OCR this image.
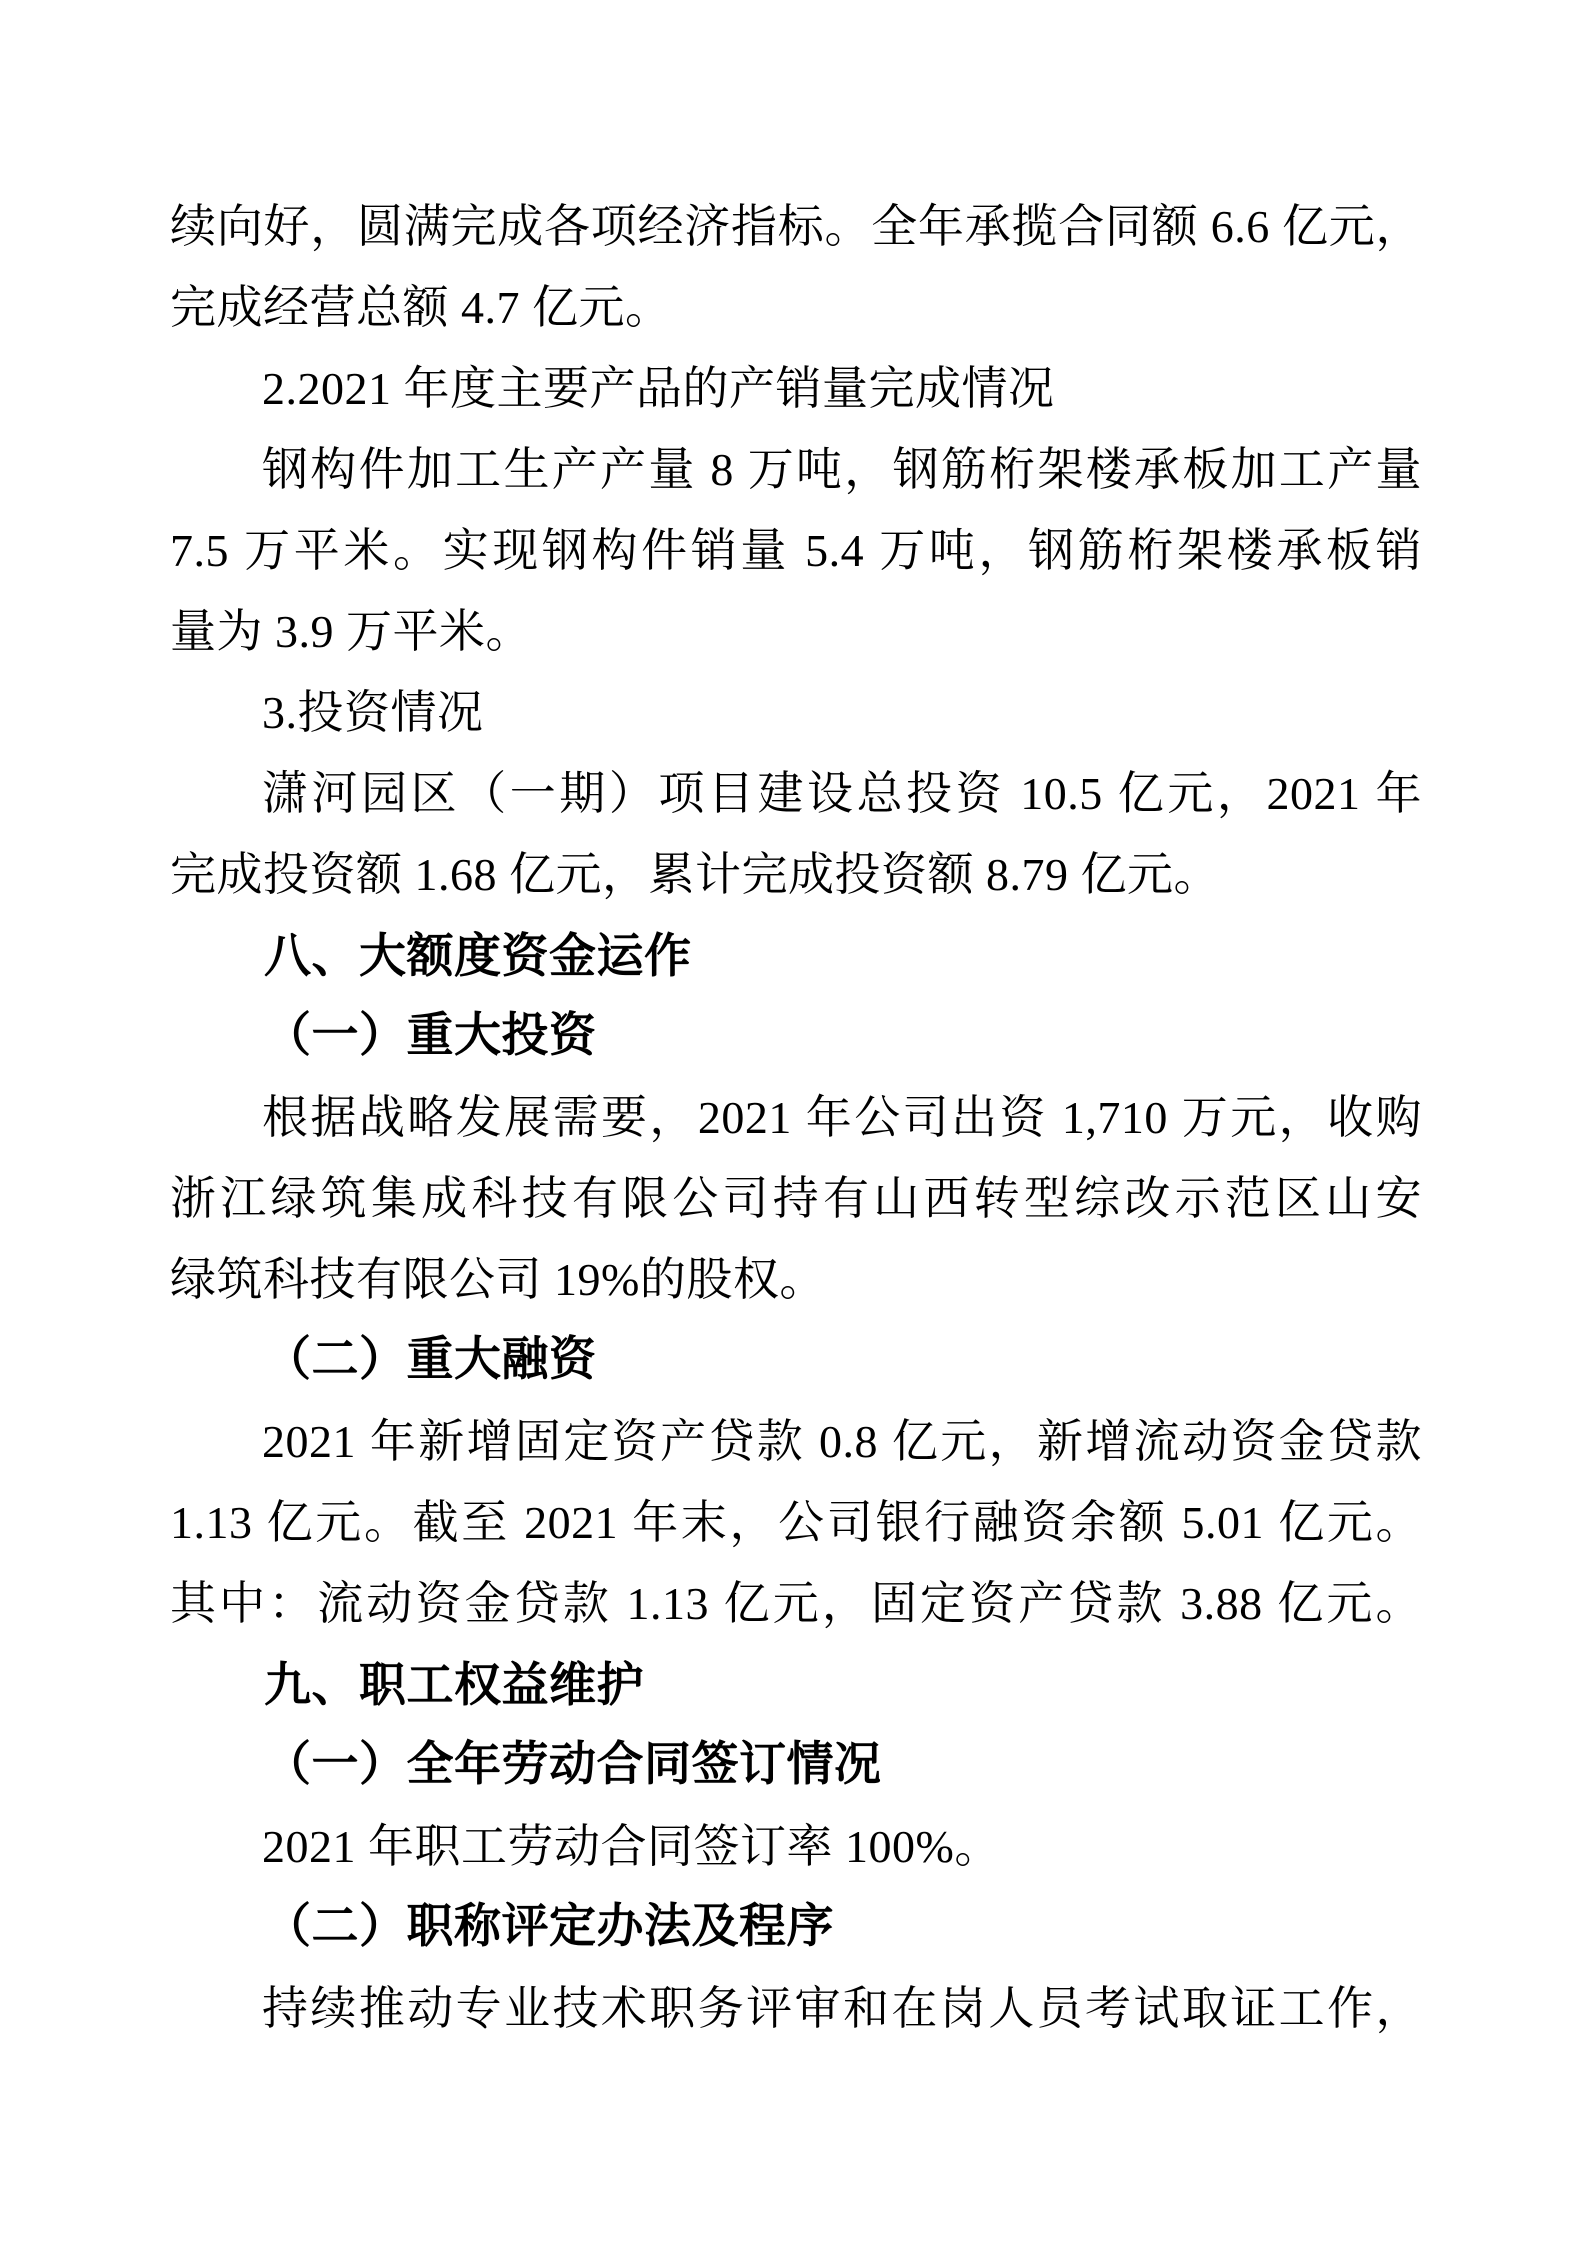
续向好，圆满完成各项经济指标。全年承揽合同额 6.6 亿元，
完成经营总额 4.7 亿元。
2.2021 年度主要产品的产销量完成情况
钢构件加工生产产量 8 万吨，钢筋桁架楼承板加工产量
7.5 万平米。实现钢构件销量 5.4 万吨，钢筋桁架楼承板销
量为 3.9 万平米。
3.投资情况
潇河园区（一期）项目建设总投资 10.5 亿元，2021 年
完成投资额 1.68 亿元，累计完成投资额 8.79 亿元。
八、大额度资金运作
（一）重大投资
根据战略发展需要，2021 年公司出资 1,710 万元，收购
浙江绿筑集成科技有限公司持有山西转型综改示范区山安
绿筑科技有限公司 19%的股权。
（二）重大融资
2021 年新增固定资产贷款 0.8 亿元，新增流动资金贷款
1.13 亿元。截至 2021 年末，公司银行融资余额 5.01 亿元。
其中：流动资金贷款 1.13 亿元，固定资产贷款 3.88 亿元。
九、职工权益维护
（一）全年劳动合同签订情况
2021 年职工劳动合同签订率 100%。
（二）职称评定办法及程序
持续推动专业技术职务评审和在岗人员考试取证工作，
